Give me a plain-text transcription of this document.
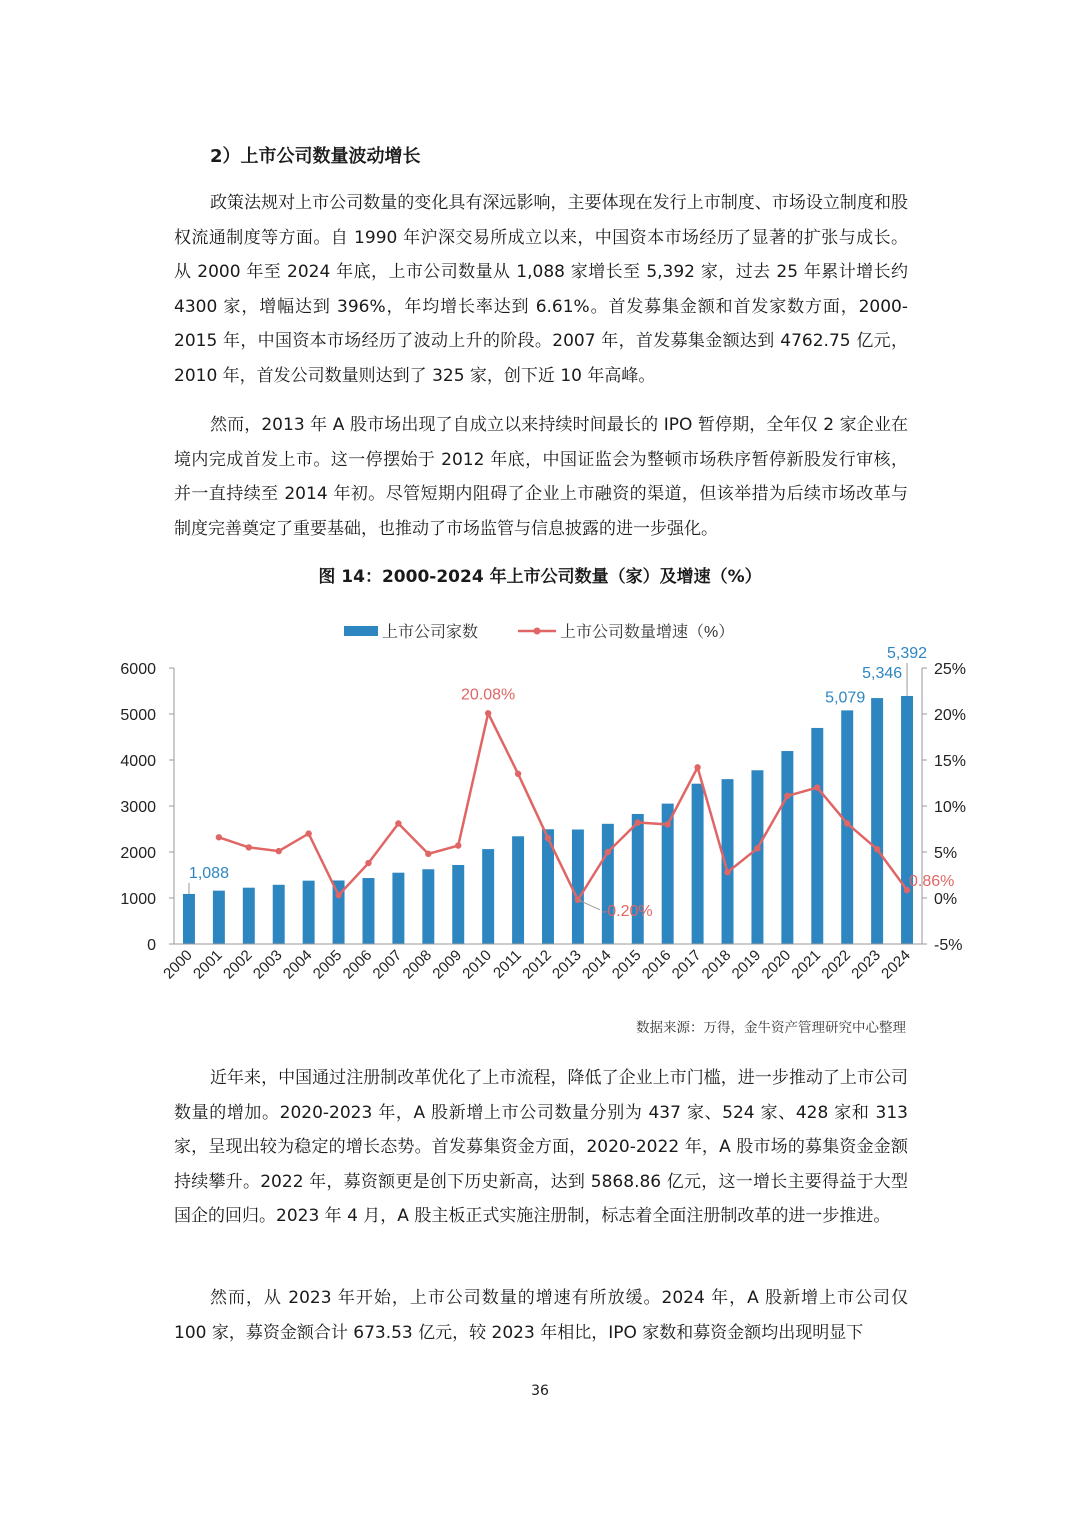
2）上市公司数量波动增长

政策法规对上市公司数量的变化具有深远影响，主要体现在发行上市制度、市场设立制度和股权流通制度等方面。自 1990 年沪深交易所成立以来，中国资本市场经历了显著的扩张与成长。从 2000 年至 2024 年底，上市公司数量从 1,088 家增长至 5,392 家，过去 25 年累计增长约 4300 家，增幅达到 396%，年均增长率达到 6.61%。首发募集金额和首发家数方面，2000-2015 年，中国资本市场经历了波动上升的阶段。2007 年，首发募集金额达到 4762.75 亿元，2010 年，首发公司数量则达到了 325 家，创下近 10 年高峰。

然而，2013 年 A 股市场出现了自成立以来持续时间最长的 IPO 暂停期，全年仅 2 家企业在境内完成首发上市。这一停摆始于 2012 年底，中国证监会为整顿市场秩序暂停新股发行审核，并一直持续至 2014 年初。尽管短期内阻碍了企业上市融资的渠道，但该举措为后续市场改革与制度完善奠定了重要基础，也推动了市场监管与信息披露的进一步强化。

图 14：2000-2024 年上市公司数量（家）及增速（%）

上市公司家数	上市公司数量增速（%）
0
1000
2000
3000
4000
5000
6000
-5%
0%
5%
10%
15%
20%
25%
2000
2001
2002
2003
2004
2005
2006
2007
2008
2009
2010
2011
2012
2013
2014
2015
2016
2017
2018
2019
2020
2021
2022
2023
2024
1,088
5,079
5,346
5,392
20.08%
-0.20%
0.86%

数据来源：万得，金牛资产管理研究中心整理

近年来，中国通过注册制改革优化了上市流程，降低了企业上市门槛，进一步推动了上市公司数量的增加。2020-2023 年，A 股新增上市公司数量分别为 437 家、524 家、428 家和 313 家，呈现出较为稳定的增长态势。首发募集资金方面，2020-2022 年，A 股市场的募集资金金额持续攀升。2022 年，募资额更是创下历史新高，达到 5868.86 亿元，这一增长主要得益于大型国企的回归。2023 年 4 月，A 股主板正式实施注册制，标志着全面注册制改革的进一步推进。

然而，从 2023 年开始，上市公司数量的增速有所放缓。2024 年，A 股新增上市公司仅 100 家，募资金额合计 673.53 亿元，较 2023 年相比，IPO 家数和募资金额均出现明显下

36
